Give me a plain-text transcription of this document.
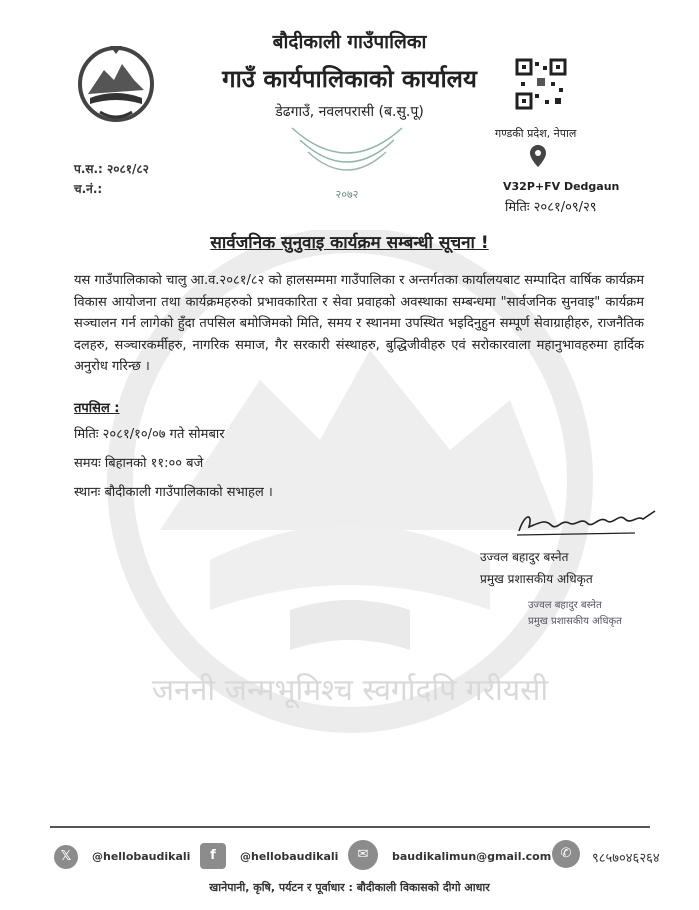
जननी जन्मभूमिश्च स्वर्गादपि गरीयसी
बौदीकाली गाउँपालिका
गाउँ कार्यपालिकाको कार्यालय
डेढगाउँ, नवलपरासी (ब.सु.पू)
२०७२
गण्डकी प्रदेश, नेपाल
V32P+FV Dedgaun
मितिः २०८१/०९/२९
प.स.: २०८१/८२
च.नं.:
सार्वजनिक सुनुवाइ कार्यक्रम सम्बन्धी सूचना !
यस गाउँपालिकाको चालु आ.व.२०८१/८२ को हालसम्ममा गाउँपालिका र अन्तर्गतका कार्यालयबाट सम्पादित वार्षिक कार्यक्रम विकास आयोजना तथा कार्यक्रमहरुको प्रभावकारिता र सेवा प्रवाहको अवस्थाका सम्बन्धमा "सार्वजनिक सुनवाइ" कार्यक्रम सञ्चालन गर्न लागेको हुँदा तपसिल बमोजिमको मिति, समय र स्थानमा उपस्थित भइदिनुहुन सम्पूर्ण सेवाग्राहीहरु, राजनैतिक दलहरु, सञ्चारकर्मीहरु, नागरिक समाज, गैर सरकारी संस्थाहरु, बुद्धिजीवीहरु एवं सरोकारवाला महानुभावहरुमा हार्दिक अनुरोध गरिन्छ ।
तपसिल :
मितिः २०८१/१०/०७ गते सोमबार
समयः बिहानको ११:०० बजे
स्थानः बौदीकाली गाउँपालिकाको सभाहल ।
उज्वल बहादुर बस्नेत
प्रमुख प्रशासकीय अधिकृत
उज्वल बहादुर बस्नेत
प्रमुख प्रशासकीय अधिकृत
𝕏	@hellobaudikali	f	@hellobaudikali	✉	baudikalimun@gmail.com ✆	९८५७०४६२६४
खानेपानी, कृषि, पर्यटन र पूर्वाधार : बौदीकाली विकासको दीगो आधार
